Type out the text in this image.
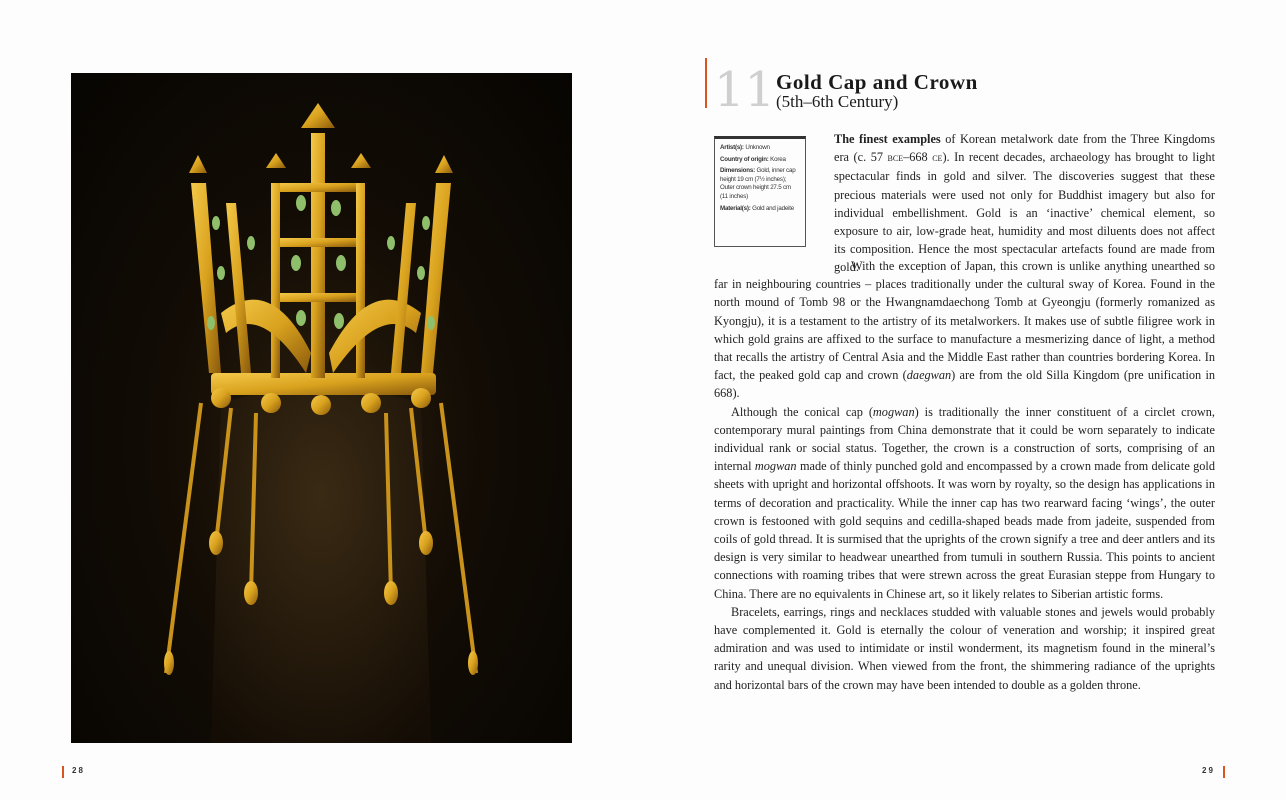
28
11 Gold Cap and Crown
(5th–6th Century)

Artist(s): Unknown

Country of origin: Korea

Dimensions: Gold, inner cap height 19 cm (7½ inches); Outer crown height 27.5 cm (11 inches)

Material(s): Gold and jadeite

The finest examples of Korean metalwork date from the Three Kingdoms era (c. 57 bce–668 ce). In recent decades, archaeology has brought to light spectacular finds in gold and silver. The discoveries suggest that these precious materials were used not only for Buddhist imagery but also for individual embellishment. Gold is an ‘inactive’ chemical element, so exposure to air, low-grade heat, humidity and most diluents does not affect its composition. Hence the most spectacular artefacts found are made from gold.

With the exception of Japan, this crown is unlike anything unearthed so far in neighbouring countries – places traditionally under the cultural sway of Korea. Found in the north mound of Tomb 98 or the Hwangnamdaechong Tomb at Gyeongju (formerly romanized as Kyongju), it is a testament to the artistry of its metalworkers. It makes use of subtle filigree work in which gold grains are affixed to the surface to manufacture a mesmerizing dance of light, a method that recalls the artistry of Central Asia and the Middle East rather than countries bordering Korea. In fact, the peaked gold cap and crown (daegwan) are from the old Silla Kingdom (pre unification in 668).

Although the conical cap (mogwan) is traditionally the inner constituent of a circlet crown, contemporary mural paintings from China demonstrate that it could be worn separately to indicate individual rank or social status. Together, the crown is a construction of sorts, comprising of an internal mogwan made of thinly punched gold and encompassed by a crown made from delicate gold sheets with upright and horizontal offshoots. It was worn by royalty, so the design has applications in terms of decoration and practicality. While the inner cap has two rearward facing ‘wings’, the outer crown is festooned with gold sequins and cedilla-shaped beads made from jadeite, suspended from coils of gold thread. It is surmised that the uprights of the crown signify a tree and deer antlers and its design is very similar to headwear unearthed from tumuli in southern Russia. This points to ancient connections with roaming tribes that were strewn across the great Eurasian steppe from Hungary to China. There are no equivalents in Chinese art, so it likely relates to Siberian artistic forms.

Bracelets, earrings, rings and necklaces studded with valuable stones and jewels would probably have complemented it. Gold is eternally the colour of veneration and worship; it inspired great admiration and was used to intimidate or instil wonderment, its magnetism found in the mineral’s rarity and unequal division. When viewed from the front, the shimmering radiance of the uprights and horizontal bars of the crown may have been intended to double as a golden throne.

29
